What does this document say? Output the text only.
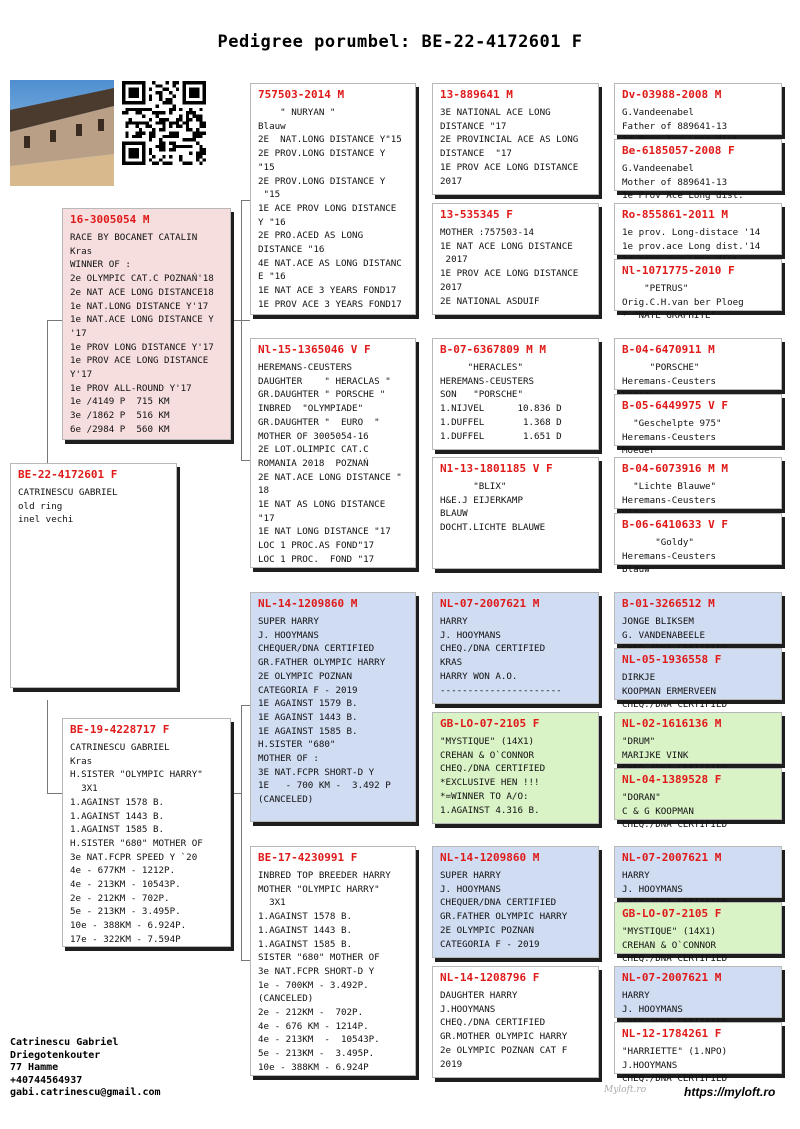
Pedigree porumbel: BE-22-4172601 F
BE-22-4172601 F
CATRINESCU GABRIEL
old ring
inel vechi
16-3005054 M
RACE BY BOCANET CATALIN
Kras
WINNER OF :
2e OLYMPIC CAT.C POZNAŃ'18
2e NAT ACE LONG DISTANCE18
1e NAT.LONG DISTANCE Y'17
1e NAT.ACE LONG DISTANCE Y
'17
1e PROV LONG DISTANCE Y'17
1e PROV ACE LONG DISTANCE
Y'17
1e PROV ALL-ROUND Y'17
1e /4149 P  715 KM
3e /1862 P  516 KM
6e /2984 P  560 KM
BE-19-4228717 F
CATRINESCU GABRIEL
Kras
H.SISTER "OLYMPIC HARRY"
3X1
1.AGAINST 1578 B.
1.AGAINST 1443 B.
1.AGAINST 1585 B.
H.SISTER "680" MOTHER OF
3e NAT.FCPR SPEED Y `20
4e - 677KM - 1212P.
4e - 213KM - 10543P.
2e - 212KM - 702P.
5e - 213KM - 3.495P.
10e - 388KM - 6.924P.
17e - 322KM - 7.594P
757503-2014 M
" NURYAN "
Blauw
2E  NAT.LONG DISTANCE Y"15
2E PROV.LONG DISTANCE Y
"15
2E PROV.LONG DISTANCE Y
"15
1E ACE PROV LONG DISTANCE
Y "16
2E PRO.ACED AS LONG
DISTANCE "16
4E NAT.ACE AS LONG DISTANC
E "16
1E NAT ACE 3 YEARS FOND17
1E PROV ACE 3 YEARS FOND17
Nl-15-1365046 V F
HEREMANS-CEUSTERS
DAUGHTER    " HERACLAS "
GR.DAUGHTER " PORSCHE "
INBRED  "OLYMPIADE"
GR.DAUGHTER "  EURO  "
MOTHER OF 3005054-16
2E LOT.OLIMPIC CAT.C
ROMANIA 2018  POZNAŃ
2E NAT.ACE LONG DISTANCE "
18
1E NAT AS LONG DISTANCE
"17
1E NAT LONG DISTANCE "17
LOC 1 PROC.AS FOND"17
LOC 1 PROC.  FOND "17
NL-14-1209860 M
SUPER HARRY
J. HOOYMANS
CHEQUER/DNA CERTIFIED
GR.FATHER OLYMPIC HARRY
2E OLYMPIC POZNAN
CATEGORIA F - 2019
1E AGAINST 1579 B.
1E AGAINST 1443 B.
1E AGAINST 1585 B.
H.SISTER "680"
MOTHER OF :
3E NAT.FCPR SHORT-D Y
1E   - 700 KM -  3.492 P
(CANCELED)
BE-17-4230991 F
INBRED TOP BREEDER HARRY
MOTHER "OLYMPIC HARRY"
3X1
1.AGAINST 1578 B.
1.AGAINST 1443 B.
1.AGAINST 1585 B.
SISTER "680" MOTHER OF
3e NAT.FCPR SHORT-D Y
1e - 700KM - 3.492P.
(CANCELED)
2e - 212KM -  702P.
4e - 676 KM - 1214P.
4e - 213KM  -  10543P.
5e - 213KM -  3.495P.
10e - 388KM - 6.924P
13-889641 M
3E NATIONAL ACE LONG
DISTANCE "17
2E PROVINCIAL ACE AS LONG
DISTANCE  "17
1E PROV ACE LONG DISTANCE
2017
13-535345 F
MOTHER :757503-14
1E NAT ACE LONG DISTANCE
2017
1E PROV ACE LONG DISTANCE
2017
2E NATIONAL ASDUIF
B-07-6367809 M M
"HERACLES"
HEREMANS-CEUSTERS
SON   "PORSCHE"
1.NIJVEL      10.836 D
1.DUFFEL       1.368 D
1.DUFFEL       1.651 D
N1-13-1801185 V F
"BLIX"
H&E.J EIJERKAMP
BLAUW
DOCHT.LICHTE BLAUWE
NL-07-2007621 M
HARRY
J. HOOYMANS
CHEQ./DNA CERTIFIED
KRAS
HARRY WON A.O.
----------------------
GB-LO-07-2105 F
"MYSTIQUE" (14X1)
CREHAN & O`CONNOR
CHEQ./DNA CERTIFIED
*EXCLUSIVE HEN !!!
*=WINNER TO A/O:
1.AGAINST 4.316 B.
NL-14-1209860 M
SUPER HARRY
J. HOOYMANS
CHEQUER/DNA CERTIFIED
GR.FATHER OLYMPIC HARRY
2E OLYMPIC POZNAN
CATEGORIA F - 2019
NL-14-1208796 F
DAUGHTER HARRY
J.HOOYMANS
CHEQ./DNA CERTIFIED
GR.MOTHER OLYMPIC HARRY
2e OLYMPIC POZNAN CAT F
2019
Dv-03988-2008 M
G.Vandeenabel
Father of 889641-13
Be-6185057-2008 F
G.Vandeenabel
Mother of 889641-13
1e Prov Ace Long dist.
Ro-855861-2011 M
1e prov. Long-distace '14
1e prov.ace Long dist.'14
Nl-1071775-2010 F
"PETRUS"
Orig.C.H.van ber Ploeg
* "NATE GRAPHITE"
B-04-6470911 M
"PORSCHE"
Heremans-Ceusters
B-05-6449975 V F
"Geschelpte 975"
Heremans-Ceusters
Moeder
B-04-6073916 M M
"Lichte Blauwe"
Heremans-Ceusters
B-06-6410633 V F
"Goldy"
Heremans-Ceusters
Blauw
B-01-3266512 M
JONGE BLIKSEM
G. VANDENABEELE
NL-05-1936558 F
DIRKJE
KOOPMAN ERMERVEEN
CHEQ./DNA CERTIFIED
NL-02-1616136 M
"DRUM"
MARIJKE VINK
NL-04-1389528 F
"DORAN"
C & G KOOPMAN
CHEQ./DNA CERTIFIED
NL-07-2007621 M
HARRY
J. HOOYMANS
GB-LO-07-2105 F
"MYSTIQUE" (14X1)
CREHAN & O`CONNOR
CHEQ./DNA CERTIFIED
NL-07-2007621 M
HARRY
J. HOOYMANS
NL-12-1784261 F
"HARRIETTE" (1.NPO)
J.HOOYMANS
CHEQ./DNA CERTIFIED
Catrinescu Gabriel
Driegotenkouter
77 Hamme
+40744564937
gabi.catrinescu@gmail.com	Myloft.ro	https://myloft.ro
